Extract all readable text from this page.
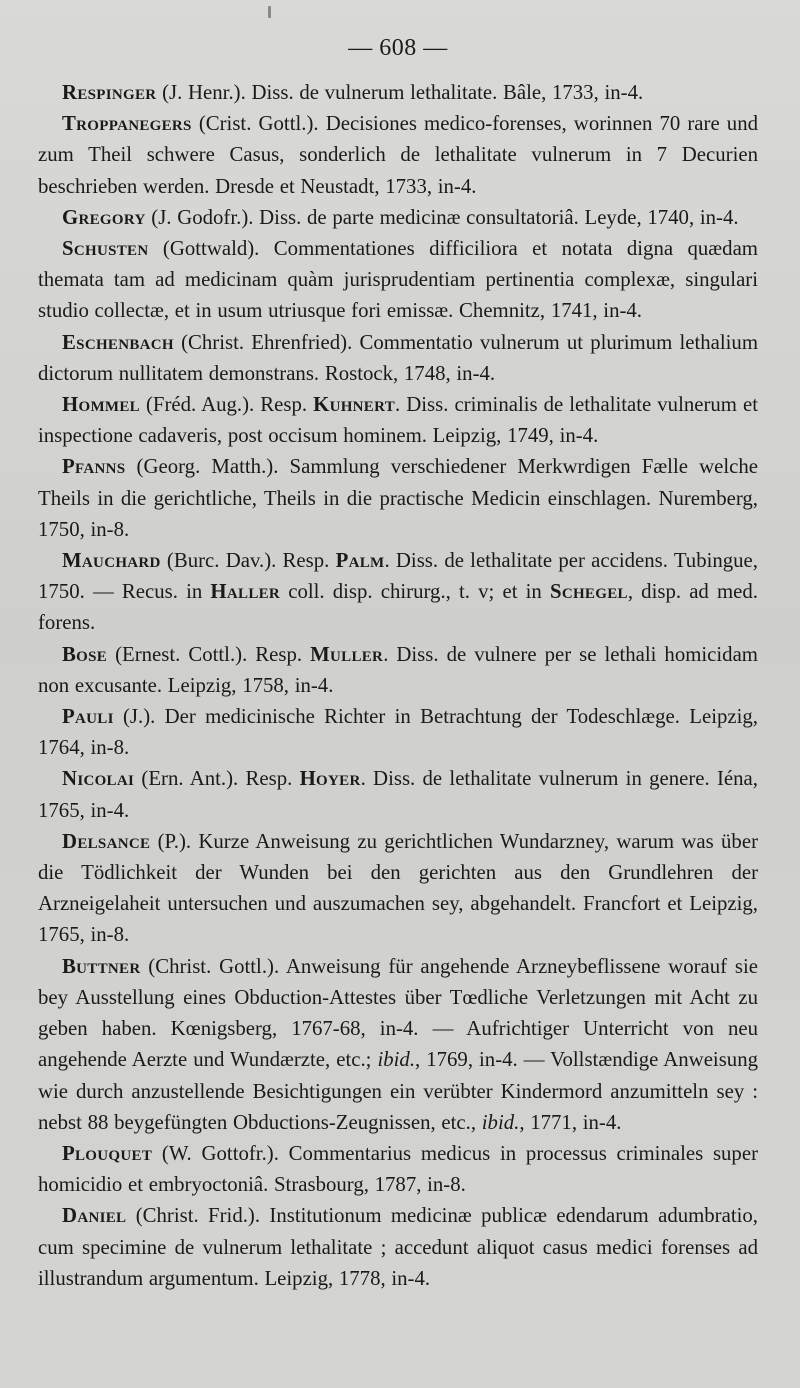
— 608 —

Respinger (J. Henr.). Diss. de vulnerum lethalitate. Bâle, 1733, in-4.

Troppanegers (Crist. Gottl.). Decisiones medico-forenses, worinnen 70 rare und zum Theil schwere Casus, sonderlich de lethalitate vulnerum in 7 Decurien beschrieben werden. Dresde et Neustadt, 1733, in-4.

Gregory (J. Godofr.). Diss. de parte medicinæ consultatoriâ. Leyde, 1740, in-4.

Schusten (Gottwald). Commentationes difficiliora et notata digna quædam themata tam ad medicinam quàm jurisprudentiam pertinentia complexæ, singulari studio collectæ, et in usum utriusque fori emissæ. Chemnitz, 1741, in-4.

Eschenbach (Christ. Ehrenfried). Commentatio vulnerum ut plurimum lethalium dictorum nullitatem demonstrans. Rostock, 1748, in-4.

Hommel (Fréd. Aug.). Resp. Kuhnert. Diss. criminalis de lethalitate vulnerum et inspectione cadaveris, post occisum hominem. Leipzig, 1749, in-4.

Pfanns (Georg. Matth.). Sammlung verschiedener Merkwrdigen Fælle welche Theils in die gerichtliche, Theils in die practische Medicin einschlagen. Nuremberg, 1750, in-8.

Mauchard (Burc. Dav.). Resp. Palm. Diss. de lethalitate per accidens. Tubingue, 1750. — Recus. in Haller coll. disp. chirurg., t. v; et in Schegel, disp. ad med. forens.

Bose (Ernest. Cottl.). Resp. Muller. Diss. de vulnere per se lethali homicidam non excusante. Leipzig, 1758, in-4.

Pauli (J.). Der medicinische Richter in Betrachtung der Todeschlæge. Leipzig, 1764, in-8.

Nicolai (Ern. Ant.). Resp. Hoyer. Diss. de lethalitate vulnerum in genere. Iéna, 1765, in-4.

Delsance (P.). Kurze Anweisung zu gerichtlichen Wundarzney, warum was über die Tödlichkeit der Wunden bei den gerichten aus den Grundlehren der Arzneigelaheit untersuchen und auszumachen sey, abgehandelt. Francfort et Leipzig, 1765, in-8.

Buttner (Christ. Gottl.). Anweisung für angehende Arzneybeflissene worauf sie bey Ausstellung eines Obduction-Attestes über Tœdliche Verletzungen mit Acht zu geben haben. Kœnigsberg, 1767-68, in-4. — Aufrichtiger Unterricht von neu angehende Aerzte und Wundærzte, etc.; ibid., 1769, in-4. — Vollstændige Anweisung wie durch anzustellende Besichtigungen ein verübter Kindermord anzumitteln sey : nebst 88 beygefüngten Obductions-Zeugnissen, etc., ibid., 1771, in-4.

Plouquet (W. Gottofr.). Commentarius medicus in processus criminales super homicidio et embryoctoniâ. Strasbourg, 1787, in-8.

Daniel (Christ. Frid.). Institutionum medicinæ publicæ edendarum adumbratio, cum specimine de vulnerum lethalitate ; accedunt aliquot casus medici forenses ad illustrandum argumentum. Leipzig, 1778, in-4.
